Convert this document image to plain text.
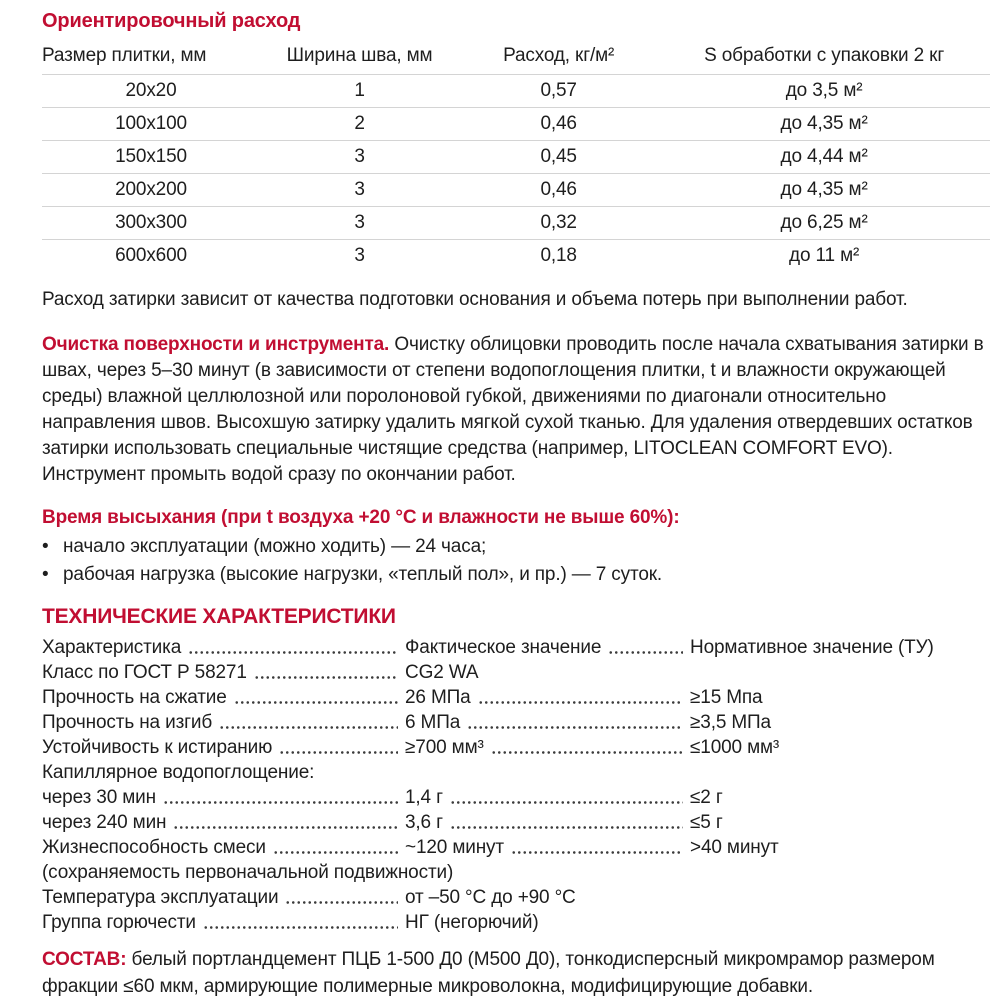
Ориентировочный расход
Размер плитки, мм	Ширина шва, мм	Расход, кг/м²	S обработки с упаковки 2 кг
20x20	1	0,57	до 3,5 м²
100x100	2	0,46	до 4,35 м²
150x150	3	0,45	до 4,44 м²
200x200	3	0,46	до 4,35 м²
300x300	3	0,32	до 6,25 м²
600x600	3	0,18	до 11 м²

Расход затирки зависит от качества подготовки основания и объема потерь при выполнении работ.

Очистка поверхности и инструмента. Очистку облицовки проводить после начала схватывания затирки в швах, через 5–30 минут (в зависимости от степени водопоглощения плитки, t и влажности окружающей среды) влажной целлюлозной или поролоновой губкой, движениями по диагонали относительно направления швов. Высохшую затирку удалить мягкой сухой тканью. Для удаления отвердевших остатков затирки использовать специальные чистящие средства (например, LITOCLEAN COMFORT EVO). Инструмент промыть водой сразу по окончании работ.

Время высыхания (при t воздуха +20 °C и влажности не выше 60%):

• начало эксплуатации (можно ходить) — 24 часа;
• рабочая нагрузка (высокие нагрузки, «теплый пол», и пр.) — 7 суток.
ТЕХНИЧЕСКИЕ ХАРАКТЕРИСТИКИ
Характеристика	Фактическое значение	Нормативное значение (ТУ)
Класс по ГОСТ Р 58271	CG2 WA
Прочность на сжатие	26 МПа	≥15 Мпа
Прочность на изгиб	6 МПа	≥3,5 МПа
Устойчивость к истиранию	≥700 мм³	≤1000 мм³
Капиллярное водопоглощение:
через 30 мин	1,4 г	≤2 г
через 240 мин	3,6 г	≤5 г
Жизнеспособность смеси	~120 минут	>40 минут
(сохраняемость первоначальной подвижности)
Температура эксплуатации	от –50 °C до +90 °C
Группа горючести	НГ (негорючий)

СОСТАВ: белый портландцемент ПЦБ 1-500 Д0 (М500 Д0), тонкодисперсный микромрамор размером фракции ≤60 мкм, армирующие полимерные микроволокна, модифицирующие добавки.
